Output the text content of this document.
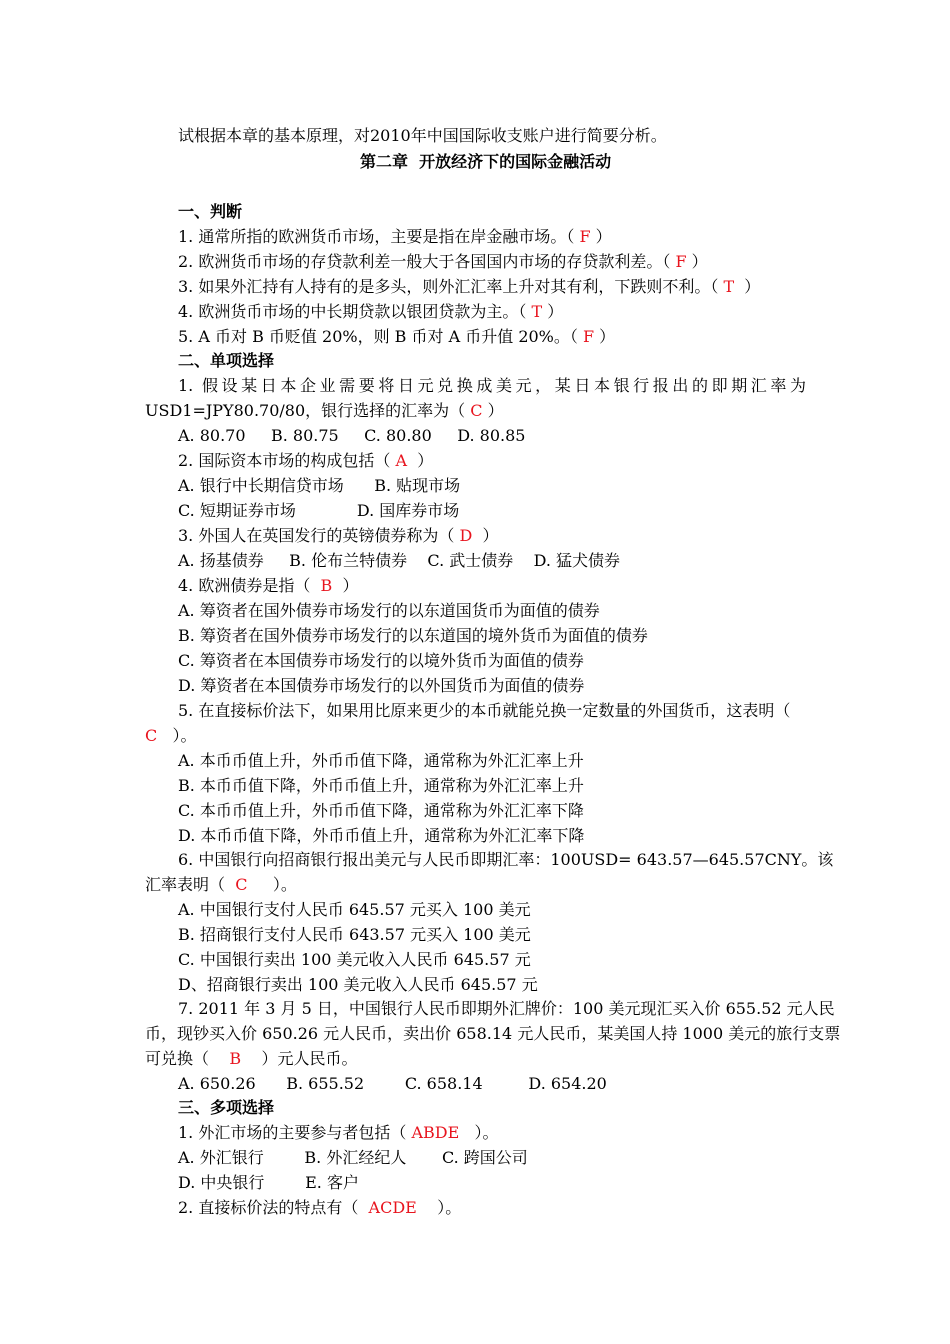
试根据本章的基本原理，对2010年中国国际收支账户进行简要分析。
第二章  开放经济下的国际金融活动
一、判断
1. 通常所指的欧洲货币市场，主要是指在岸金融市场。（ F ）
2. 欧洲货币市场的存贷款利差一般大于各国国内市场的存贷款利差。（ F ）
3. 如果外汇持有人持有的是多头，则外汇汇率上升对其有利，下跌则不利。（ T  ）
4. 欧洲货币市场的中长期贷款以银团贷款为主。（ T ）
5. A 币对 B 币贬值 20%，则 B 币对 A 币升值 20%。（ F ）
二、单项选择
1. 假设某日本企业需要将日元兑换成美元，某日本银行报出的即期汇率为
USD1=JPY80.70/80，银行选择的汇率为（ C ）
A. 80.70     B. 80.75     C. 80.80     D. 80.85
2. 国际资本市场的构成包括（ A  ）
A. 银行中长期信贷市场      B. 贴现市场
C. 短期证券市场            D. 国库券市场
3. 外国人在英国发行的英镑债券称为（ D  ）
A. 扬基债券     B. 伦布兰特债券    C. 武士债券    D. 猛犬债券
4. 欧洲债券是指（  B  ）
A. 筹资者在国外债券市场发行的以东道国货币为面值的债券
B. 筹资者在国外债券市场发行的以东道国的境外货币为面值的债券
C. 筹资者在本国债券市场发行的以境外货币为面值的债券
D. 筹资者在本国债券市场发行的以外国货币为面值的债券
5. 在直接标价法下，如果用比原来更少的本币就能兑换一定数量的外国货币，这表明（
C   ）。
A. 本币币值上升，外币币值下降，通常称为外汇汇率上升
B. 本币币值下降，外币币值上升，通常称为外汇汇率上升
C. 本币币值上升，外币币值下降，通常称为外汇汇率下降
D. 本币币值下降，外币币值上升，通常称为外汇汇率下降
6. 中国银行向招商银行报出美元与人民币即期汇率：100USD= 643.57—645.57CNY。该
汇率表明（  C     ）。
A. 中国银行支付人民币 645.57 元买入 100 美元
B. 招商银行支付人民币 643.57 元买入 100 美元
C. 中国银行卖出 100 美元收入人民币 645.57 元
D、招商银行卖出 100 美元收入人民币 645.57 元
7. 2011 年 3 月 5 日，中国银行人民币即期外汇牌价：100 美元现汇买入价 655.52 元人民
币，现钞买入价 650.26 元人民币，卖出价 658.14 元人民币，某美国人持 1000 美元的旅行支票
可兑换（    B    ）元人民币。
A. 650.26      B. 655.52        C. 658.14         D. 654.20
三、多项选择
1. 外汇市场的主要参与者包括（ ABDE   ）。
A. 外汇银行        B. 外汇经纪人       C. 跨国公司
D. 中央银行        E. 客户
2. 直接标价法的特点有（  ACDE    ）。
